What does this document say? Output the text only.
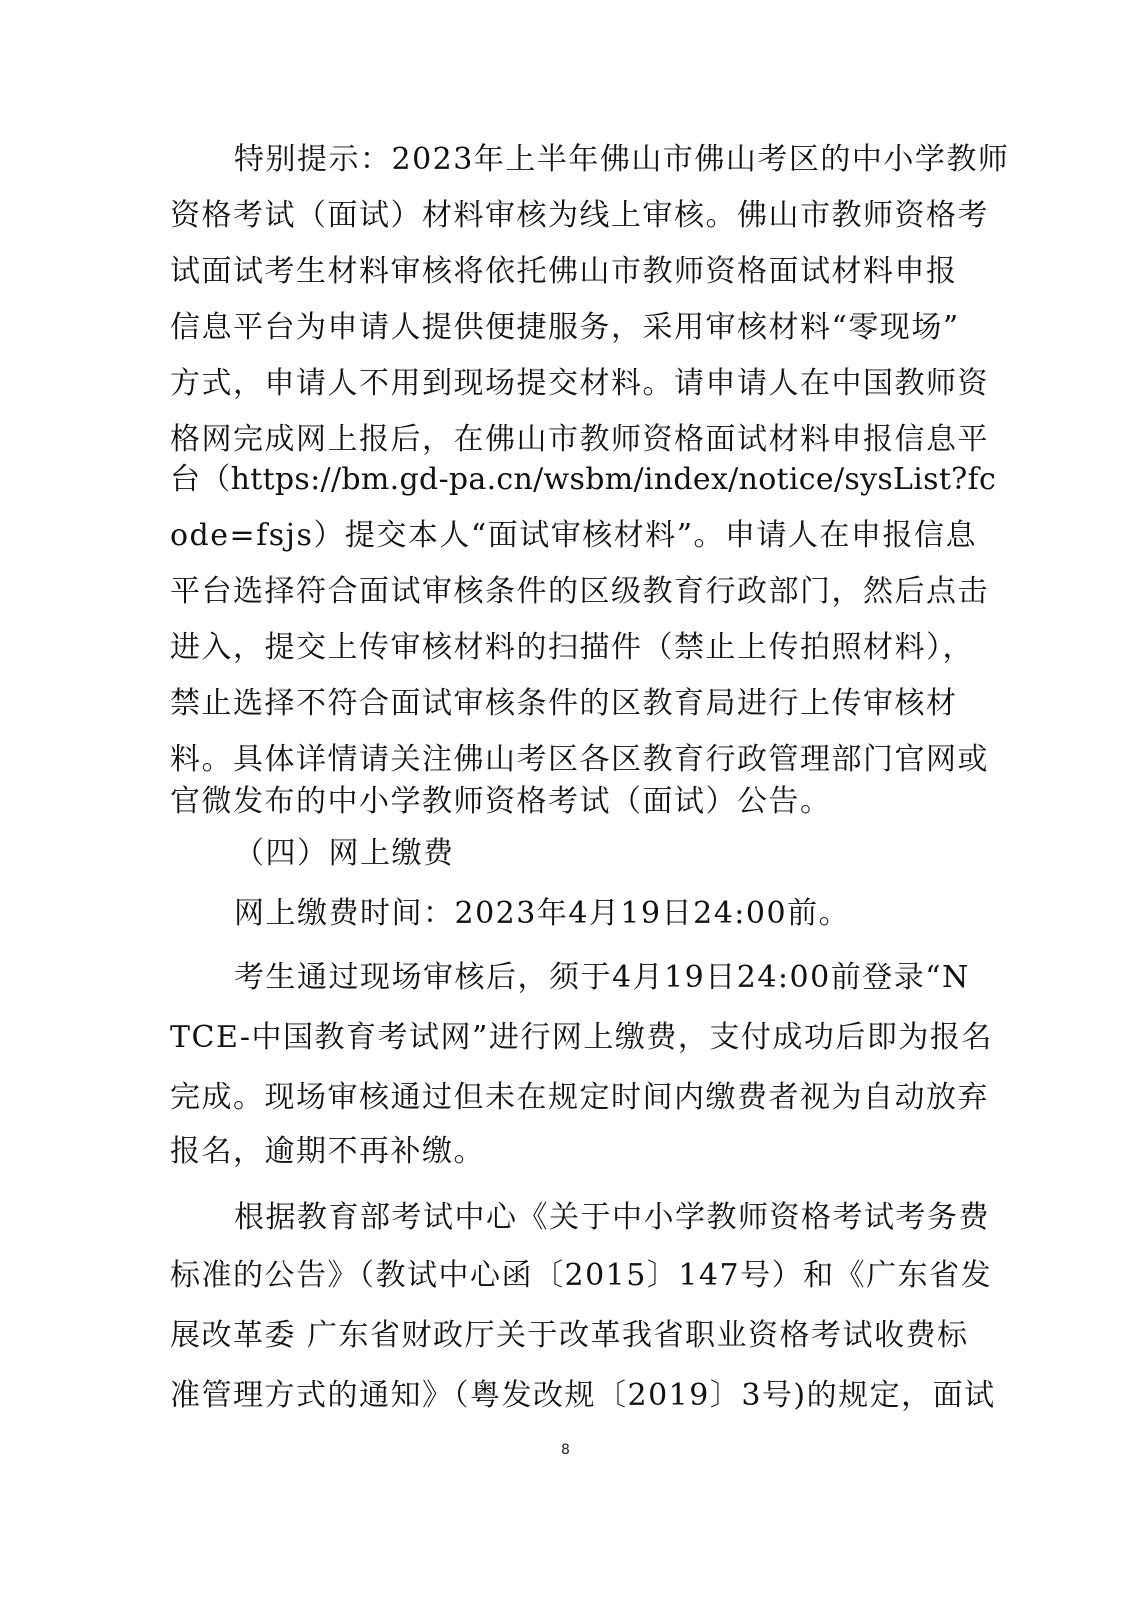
特别提示：2023年上半年佛山市佛山考区的中小学教师
资格考试（面试）材料审核为线上审核。佛山市教师资格考
试面试考生材料审核将依托佛山市教师资格面试材料申报
信息平台为申请人提供便捷服务，采用审核材料“零现场”
方式，申请人不用到现场提交材料。请申请人在中国教师资
格网完成网上报后，在佛山市教师资格面试材料申报信息平
台（https://bm.gd-pa.cn/wsbm/index/notice/sysList?fc
ode=fsjs）提交本人“面试审核材料”。申请人在申报信息
平台选择符合面试审核条件的区级教育行政部门，然后点击
进入，提交上传审核材料的扫描件（禁止上传拍照材料），
禁止选择不符合面试审核条件的区教育局进行上传审核材
料。具体详情请关注佛山考区各区教育行政管理部门官网或
官微发布的中小学教师资格考试（面试）公告。
（四）网上缴费
网上缴费时间：2023年4月19日24:00前。
考生通过现场审核后，须于4月19日24:00前登录“N
TCE-中国教育考试网”进行网上缴费，支付成功后即为报名
完成。现场审核通过但未在规定时间内缴费者视为自动放弃
报名，逾期不再补缴。
根据教育部考试中心《关于中小学教师资格考试考务费
标准的公告》（教试中心函〔2015〕147号）和《广东省发
展改革委 广东省财政厅关于改革我省职业资格考试收费标
准管理方式的通知》（粤发改规〔2019〕3号)的规定，面试
8
